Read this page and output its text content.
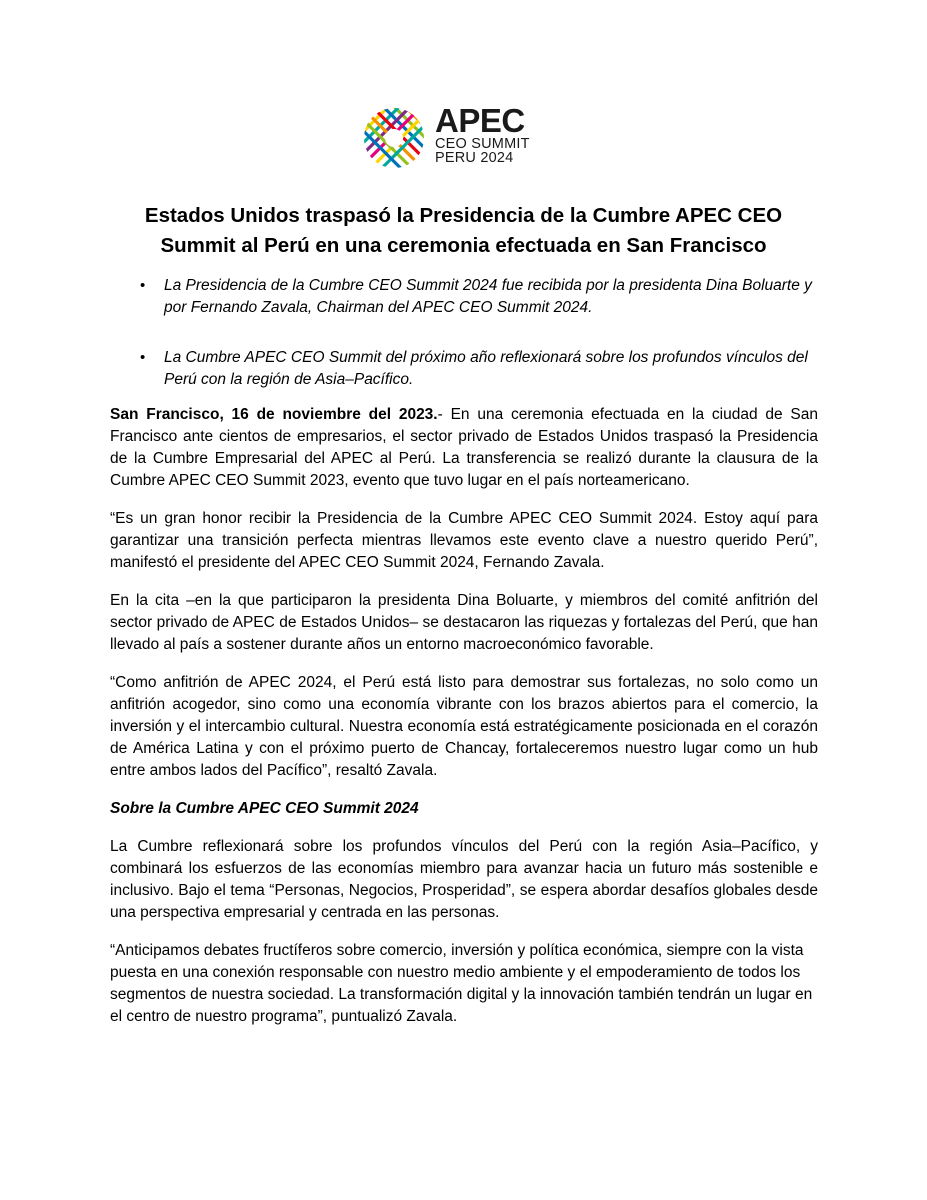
APEC
CEO SUMMIT
PERU 2024
Estados Unidos traspasó la Presidencia de la Cumbre APEC CEO Summit al Perú en una ceremonia efectuada en San Francisco
• La Presidencia de la Cumbre CEO Summit 2024 fue recibida por la presidenta Dina Boluarte y por Fernando Zavala, Chairman del APEC CEO Summit 2024.
• La Cumbre APEC CEO Summit del próximo año reflexionará sobre los profundos vínculos del Perú con la región de Asia–Pacífico.

San Francisco, 16 de noviembre del 2023.- En una ceremonia efectuada en la ciudad de San Francisco ante cientos de empresarios, el sector privado de Estados Unidos traspasó la Presidencia de la Cumbre Empresarial del APEC al Perú. La transferencia se realizó durante la clausura de la Cumbre APEC CEO Summit 2023, evento que tuvo lugar en el país norteamericano.

“Es un gran honor recibir la Presidencia de la Cumbre APEC CEO Summit 2024. Estoy aquí para garantizar una transición perfecta mientras llevamos este evento clave a nuestro querido Perú”, manifestó el presidente del APEC CEO Summit 2024, Fernando Zavala.

En la cita –en la que participaron la presidenta Dina Boluarte, y miembros del comité anfitrión del sector privado de APEC de Estados Unidos– se destacaron las riquezas y fortalezas del Perú, que han llevado al país a sostener durante años un entorno macroeconómico favorable.

“Como anfitrión de APEC 2024, el Perú está listo para demostrar sus fortalezas, no solo como un anfitrión acogedor, sino como una economía vibrante con los brazos abiertos para el comercio, la inversión y el intercambio cultural. Nuestra economía está estratégicamente posicionada en el corazón de América Latina y con el próximo puerto de Chancay, fortaleceremos nuestro lugar como un hub entre ambos lados del Pacífico”, resaltó Zavala.

Sobre la Cumbre APEC CEO Summit 2024

La Cumbre reflexionará sobre los profundos vínculos del Perú con la región Asia–Pacífico, y combinará los esfuerzos de las economías miembro para avanzar hacia un futuro más sostenible e inclusivo. Bajo el tema “Personas, Negocios, Prosperidad”, se espera abordar desafíos globales desde una perspectiva empresarial y centrada en las personas.

“Anticipamos debates fructíferos sobre comercio, inversión y política económica, siempre con la vista puesta en una conexión responsable con nuestro medio ambiente y el empoderamiento de todos los segmentos de nuestra sociedad. La transformación digital y la innovación también tendrán un lugar en el centro de nuestro programa”, puntualizó Zavala.
